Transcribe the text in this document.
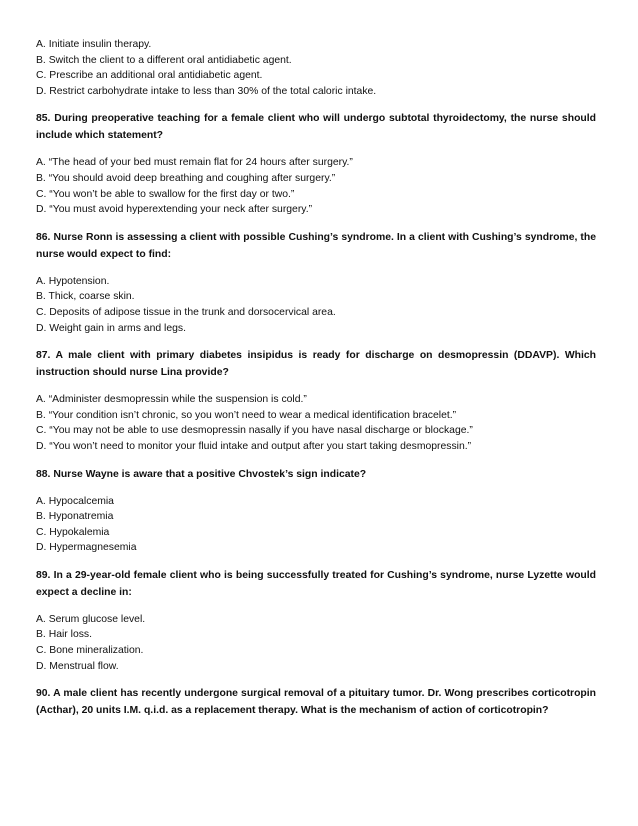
A. Initiate insulin therapy.
B. Switch the client to a different oral antidiabetic agent.
C. Prescribe an additional oral antidiabetic agent.
D. Restrict carbohydrate intake to less than 30% of the total caloric intake.
85. During preoperative teaching for a female client who will undergo subtotal thyroidectomy, the nurse should include which statement?
A. “The head of your bed must remain flat for 24 hours after surgery.”
B. “You should avoid deep breathing and coughing after surgery.”
C. “You won’t be able to swallow for the first day or two.”
D. “You must avoid hyperextending your neck after surgery.”
86. Nurse Ronn is assessing a client with possible Cushing’s syndrome. In a client with Cushing’s syndrome, the nurse would expect to find:
A. Hypotension.
B. Thick, coarse skin.
C. Deposits of adipose tissue in the trunk and dorsocervical area.
D. Weight gain in arms and legs.
87. A male client with primary diabetes insipidus is ready for discharge on desmopressin (DDAVP). Which instruction should nurse Lina provide?
A. “Administer desmopressin while the suspension is cold.”
B. “Your condition isn’t chronic, so you won’t need to wear a medical identification bracelet.”
C. “You may not be able to use desmopressin nasally if you have nasal discharge or blockage.”
D. “You won’t need to monitor your fluid intake and output after you start taking desmopressin.”
88. Nurse Wayne is aware that a positive Chvostek’s sign indicate?
A. Hypocalcemia
B. Hyponatremia
C. Hypokalemia
D. Hypermagnesemia
89. In a 29-year-old female client who is being successfully treated for Cushing’s syndrome, nurse Lyzette would expect a decline in:
A. Serum glucose level.
B. Hair loss.
C. Bone mineralization.
D. Menstrual flow.
90. A male client has recently undergone surgical removal of a pituitary tumor. Dr. Wong prescribes corticotropin (Acthar), 20 units I.M. q.i.d. as a replacement therapy. What is the mechanism of action of corticotropin?
